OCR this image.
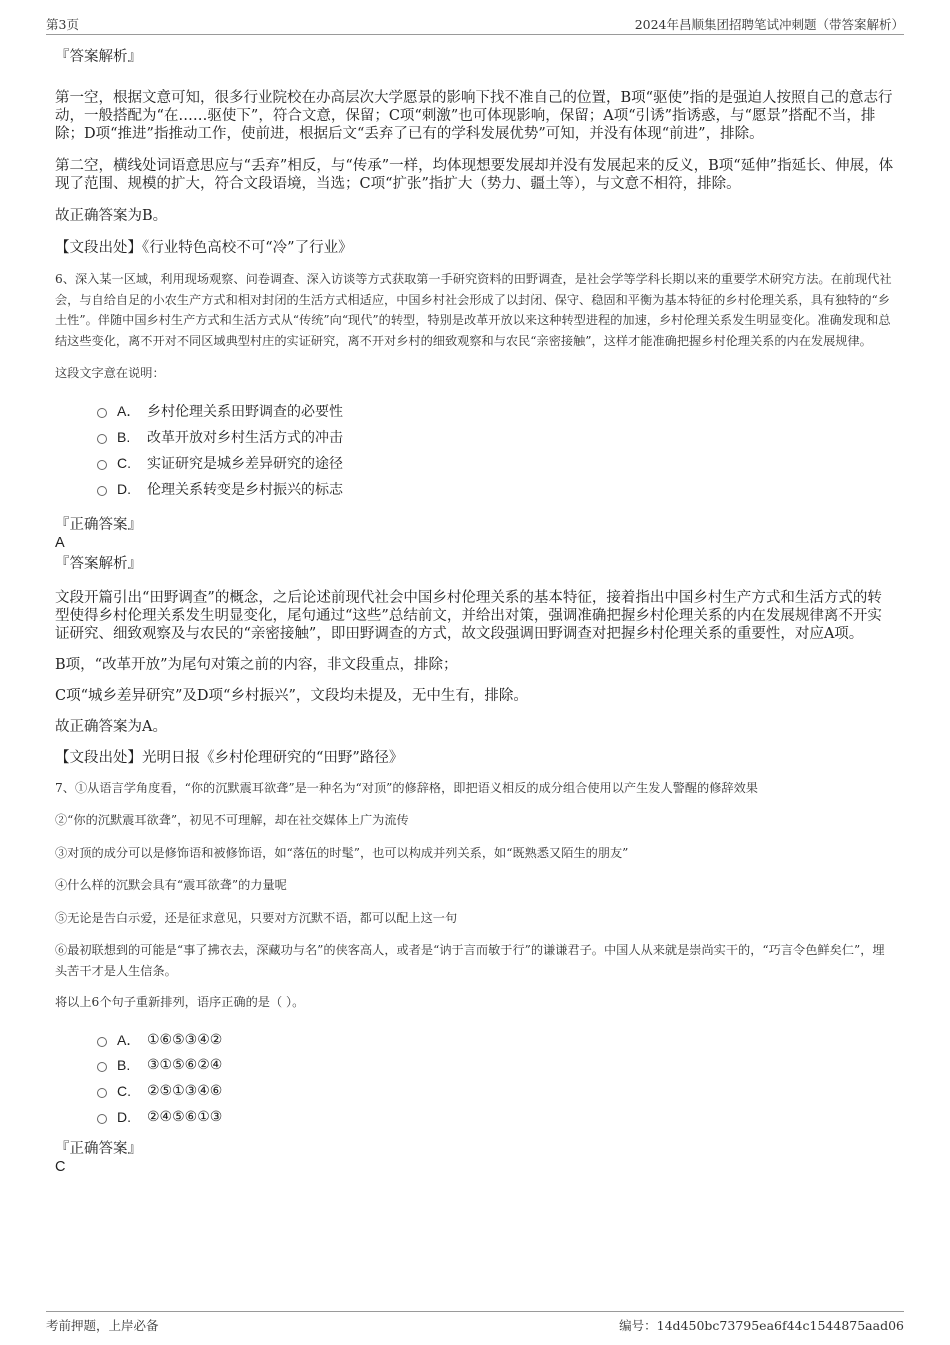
第3页	2024年昌顺集团招聘笔试冲刺题（带答案解析）

『答案解析』

第一空，根据文意可知，很多行业院校在办高层次大学愿景的影响下找不准自己的位置，B项“驱使”指的是强迫人按照自己的意志行动，一般搭配为“在……驱使下”，符合文意，保留；C项“刺激”也可体现影响，保留；A项“引诱”指诱惑，与“愿景”搭配不当，排除；D项“推进”指推动工作，使前进，根据后文“丢弃了已有的学科发展优势”可知，并没有体现“前进”，排除。

第二空，横线处词语意思应与“丢弃”相反，与“传承”一样，均体现想要发展却并没有发展起来的反义，B项“延伸”指延长、伸展，体现了范围、规模的扩大，符合文段语境，当选；C项“扩张”指扩大（势力、疆土等），与文意不相符，排除。

故正确答案为B。

【文段出处】《行业特色高校不可“冷”了行业》

6、深入某一区域，利用现场观察、问卷调查、深入访谈等方式获取第一手研究资料的田野调查，是社会学等学科长期以来的重要学术研究方法。在前现代社会，与自给自足的小农生产方式和相对封闭的生活方式相适应，中国乡村社会形成了以封闭、保守、稳固和平衡为基本特征的乡村伦理关系，具有独特的“乡土性”。伴随中国乡村生产方式和生活方式从“传统”向“现代”的转型，特别是改革开放以来这种转型进程的加速，乡村伦理关系发生明显变化。准确发现和总结这些变化，离不开对不同区域典型村庄的实证研究，离不开对乡村的细致观察和与农民“亲密接触”，这样才能准确把握乡村伦理关系的内在发展规律。

这段文字意在说明：

A． 乡村伦理关系田野调查的必要性
B.	改革开放对乡村生活方式的冲击
C.	实证研究是城乡差异研究的途径
D.	伦理关系转变是乡村振兴的标志

『正确答案』

A

『答案解析』

文段开篇引出“田野调查”的概念，之后论述前现代社会中国乡村伦理关系的基本特征，接着指出中国乡村生产方式和生活方式的转型使得乡村伦理关系发生明显变化，尾句通过“这些”总结前文，并给出对策，强调准确把握乡村伦理关系的内在发展规律离不开实证研究、细致观察及与农民的“亲密接触”，即田野调查的方式，故文段强调田野调查对把握乡村伦理关系的重要性，对应A项。

B项，“改革开放”为尾句对策之前的内容，非文段重点，排除；

C项“城乡差异研究”及D项“乡村振兴”，文段均未提及，无中生有，排除。

故正确答案为A。

【文段出处】光明日报《乡村伦理研究的“田野”路径》

7、①从语言学角度看，“你的沉默震耳欲聋”是一种名为“对顶”的修辞格，即把语义相反的成分组合使用以产生发人警醒的修辞效果

②“你的沉默震耳欲聋”，初见不可理解，却在社交媒体上广为流传

③对顶的成分可以是修饰语和被修饰语，如“落伍的时髦”，也可以构成并列关系，如“既熟悉又陌生的朋友”

④什么样的沉默会具有“震耳欲聋”的力量呢

⑤无论是告白示爱，还是征求意见，只要对方沉默不语，都可以配上这一句

⑥最初联想到的可能是“事了拂衣去，深藏功与名”的侠客高人，或者是“讷于言而敏于行”的谦谦君子。中国人从来就是崇尚实干的，“巧言令色鲜矣仁”，埋头苦干才是人生信条。

将以上6个句子重新排列，语序正确的是（ ）。

A． ①⑥⑤③④②
B.	③①⑤⑥②④
C.	②⑤①③④⑥
D.	②④⑤⑥①③

『正确答案』

C

考前押题，上岸必备	编号：14d450bc73795ea6f44c1544875aad06
